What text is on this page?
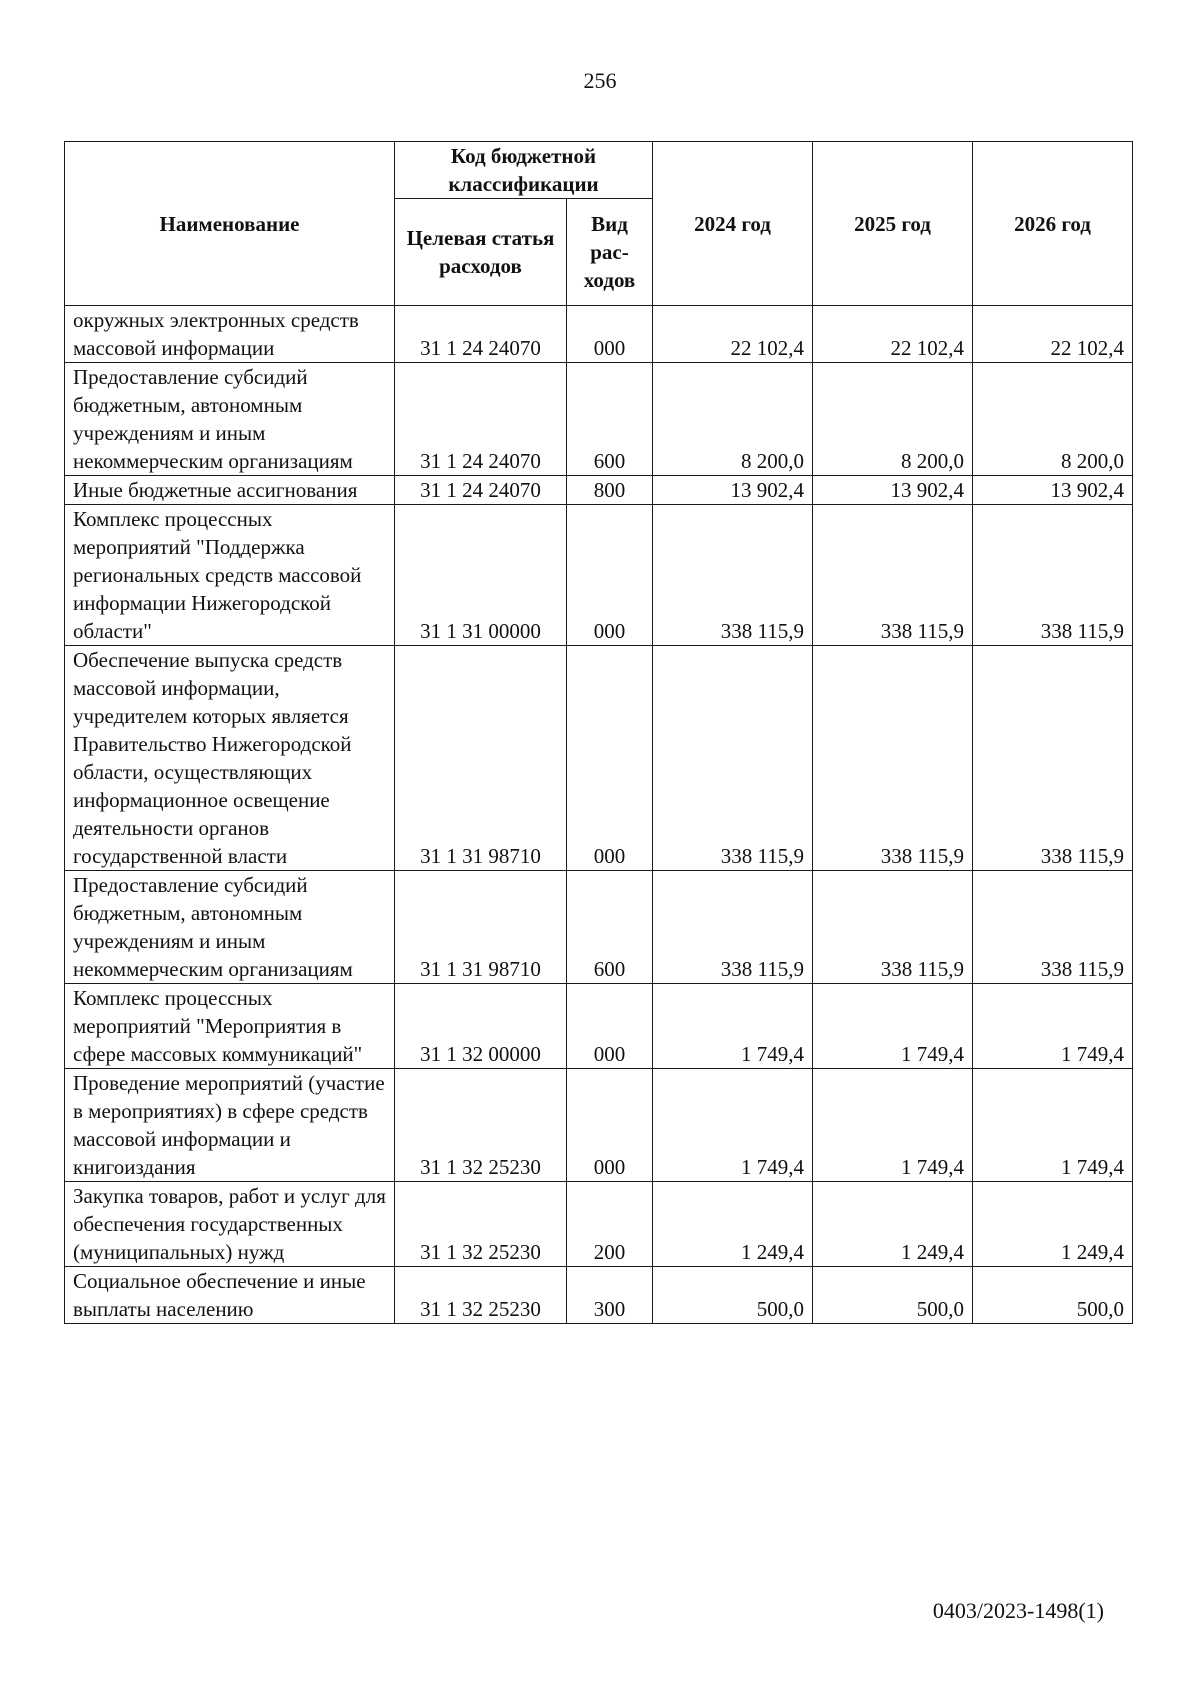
256
Наименование	Код бюджетной классификации		2024 год	2025 год	2026 год
	Целевая статья расходов	Вид рас-ходов			
окружных электронных средств массовой информации	31 1 24 24070	000	22 102,4	22 102,4	22 102,4
Предоставление субсидий бюджетным, автономным учреждениям и иным некоммерческим организациям	31 1 24 24070	600	8 200,0	8 200,0	8 200,0
Иные бюджетные ассигнования	31 1 24 24070	800	13 902,4	13 902,4	13 902,4
Комплекс процессных мероприятий "Поддержка региональных средств массовой информации Нижегородской области"	31 1 31 00000	000	338 115,9	338 115,9	338 115,9
Обеспечение выпуска средств массовой информации, учредителем которых является Правительство Нижегородской области, осуществляющих информационное освещение деятельности органов государственной власти	31 1 31 98710	000	338 115,9	338 115,9	338 115,9
Предоставление субсидий бюджетным, автономным учреждениям и иным некоммерческим организациям	31 1 31 98710	600	338 115,9	338 115,9	338 115,9
Комплекс процессных мероприятий "Мероприятия в сфере массовых коммуникаций"	31 1 32 00000	000	1 749,4	1 749,4	1 749,4
Проведение мероприятий (участие в мероприятиях) в сфере средств массовой информации и книгоиздания	31 1 32 25230	000	1 749,4	1 749,4	1 749,4
Закупка товаров, работ и услуг для обеспечения государственных (муниципальных) нужд	31 1 32 25230	200	1 249,4	1 249,4	1 249,4
Социальное обеспечение и иные выплаты населению	31 1 32 25230	300	500,0	500,0	500,0
0403/2023-1498(1)
